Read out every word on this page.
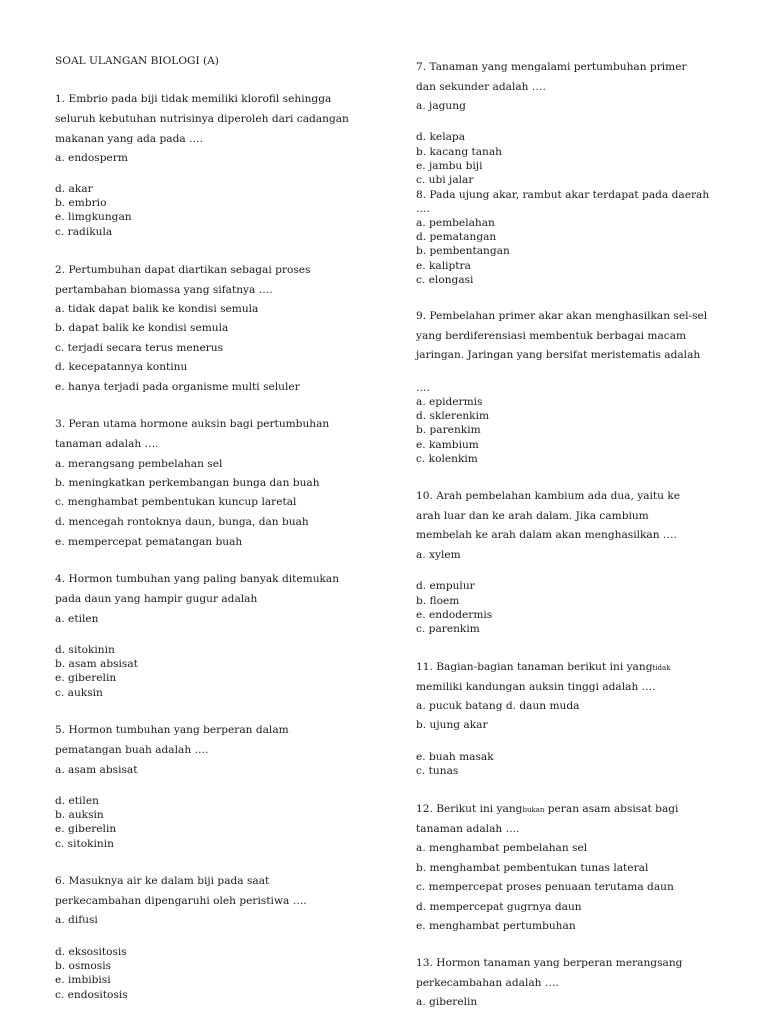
SOAL ULANGAN BIOLOGI (A)
1. Embrio pada biji tidak memiliki klorofil sehingga
seluruh kebutuhan nutrisinya diperoleh dari cadangan
makanan yang ada pada ….
a. endosperm
d. akar
b. embrio
e. limgkungan
c. radikula
2. Pertumbuhan dapat diartikan sebagai proses
pertambahan biomassa yang sifatnya ….
a. tidak dapat balik ke kondisi semula
b. dapat balik ke kondisi semula
c. terjadi secara terus menerus
d. kecepatannya kontinu
e. hanya terjadi pada organisme multi seluler
3. Peran utama hormone auksin bagi pertumbuhan
tanaman adalah ….
a. merangsang pembelahan sel
b. meningkatkan perkembangan bunga dan buah
c. menghambat pembentukan kuncup laretal
d. mencegah rontoknya daun, bunga, dan buah
e. mempercepat pematangan buah
4. Hormon tumbuhan yang paling banyak ditemukan
pada daun yang hampir gugur adalah
a. etilen
d. sitokinin
b. asam absisat
e. giberelin
c. auksin
5. Hormon tumbuhan yang berperan dalam
pematangan buah adalah ….
a. asam absisat
d. etilen
b. auksin
e. giberelin
c. sitokinin
6. Masuknya air ke dalam biji pada saat
perkecambahan dipengaruhi oleh peristiwa ….
a. difusi
d. eksositosis
b. osmosis
e. imbibisi
c. endositosis
7. Tanaman yang mengalami pertumbuhan primer
dan sekunder adalah ….
a. jagung
d. kelapa
b. kacang tanah
e. jambu biji
c. ubi jalar
8. Pada ujung akar, rambut akar terdapat pada daerah
….
a. pembelahan
d. pematangan
b. pembentangan
e. kaliptra
c. elongasi
9. Pembelahan primer akar akan menghasilkan sel-sel
yang berdiferensiasi membentuk berbagai macam
jaringan. Jaringan yang bersifat meristematis adalah
….
a. epidermis
d. sklerenkim
b. parenkim
e. kambium
c. kolenkim
10. Arah pembelahan kambium ada dua, yaitu ke
arah luar dan ke arah dalam. Jika cambium
membelah ke arah dalam akan menghasilkan ….
a. xylem
d. empulur
b. floem
e. endodermis
c. parenkim
11. Bagian-bagian tanaman berikut ini yangtidak
memiliki kandungan auksin tinggi adalah ….
a. pucuk batang d. daun muda
b. ujung akar
e. buah masak
c. tunas
12. Berikut ini yangbukan peran asam absisat bagi
tanaman adalah ….
a. menghambat pembelahan sel
b. menghambat pembentukan tunas lateral
c. mempercepat proses penuaan terutama daun
d. mempercepat gugrnya daun
e. menghambat pertumbuhan
13. Hormon tanaman yang berperan merangsang
perkecambahan adalah ….
a. giberelin
